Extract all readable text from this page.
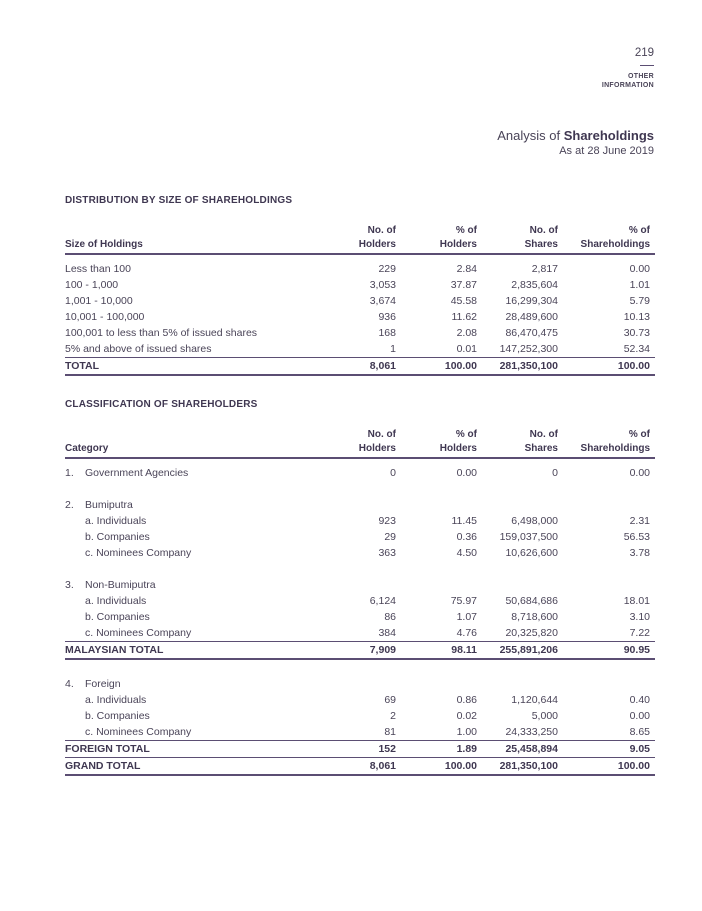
219
OTHER
INFORMATION
Analysis of Shareholdings
As at 28 June 2019
DISTRIBUTION BY SIZE OF SHAREHOLDINGS
	No. of	% of	No. of	% of
Size of Holdings	Holders	Holders	Shares	Shareholdings

Less than 100	229	2.84	2,817	0.00
100 - 1,000	3,053	37.87	2,835,604	1.01
1,001 - 10,000	3,674	45.58	16,299,304	5.79
10,001 - 100,000	936	11.62	28,489,600	10.13
100,001 to less than 5% of issued shares	168	2.08	86,470,475	30.73
5% and above of issued shares	1	0.01	147,252,300	52.34
TOTAL	8,061	100.00	281,350,100	100.00
CLASSIFICATION OF SHAREHOLDERS
	No. of	% of	No. of	% of
Category	Holders	Holders	Shares	Shareholdings

1. Government Agencies	0	0.00	0	0.00

2. Bumiputra				
a. Individuals	923	11.45	6,498,000	2.31
b. Companies	29	0.36	159,037,500	56.53
c. Nominees Company	363	4.50	10,626,600	3.78

3. Non-Bumiputra				
a. Individuals	6,124	75.97	50,684,686	18.01
b. Companies	86	1.07	8,718,600	3.10
c. Nominees Company	384	4.76	20,325,820	7.22
MALAYSIAN TOTAL	7,909	98.11	255,891,206	90.95

4. Foreign				
a. Individuals	69	0.86	1,120,644	0.40
b. Companies	2	0.02	5,000	0.00
c. Nominees Company	81	1.00	24,333,250	8.65
FOREIGN TOTAL	152	1.89	25,458,894	9.05
GRAND TOTAL	8,061	100.00	281,350,100	100.00
